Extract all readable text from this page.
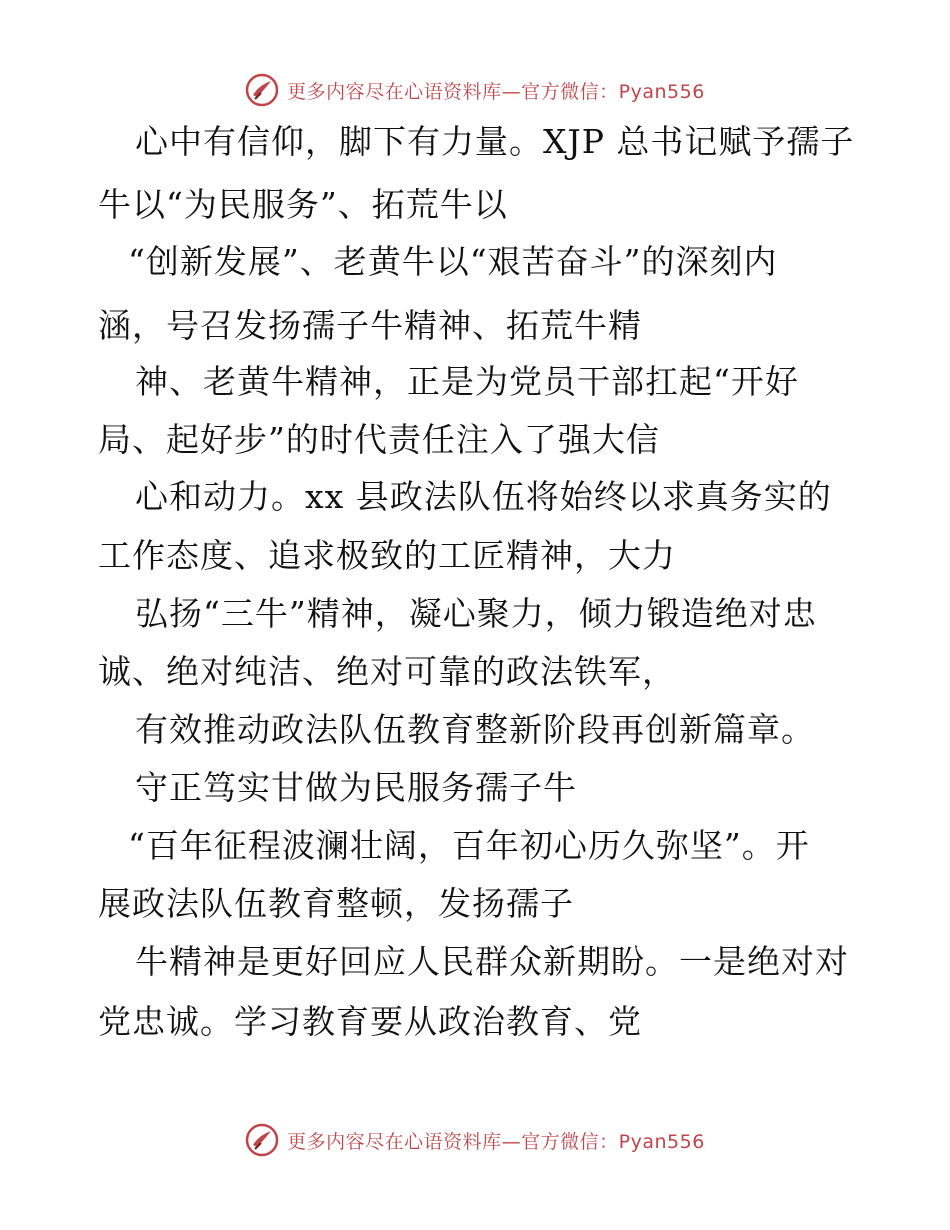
更多内容尽在心语资料库—官方微信：Pyan556
心中有信仰，脚下有力量。XJP 总书记赋予孺子
牛以“为民服务”、拓荒牛以
“创新发展”、老黄牛以“艰苦奋斗”的深刻内
涵，号召发扬孺子牛精神、拓荒牛精
神、老黄牛精神，正是为党员干部扛起“开好
局、起好步”的时代责任注入了强大信
心和动力。xx 县政法队伍将始终以求真务实的
工作态度、追求极致的工匠精神，大力
弘扬“三牛”精神，凝心聚力，倾力锻造绝对忠
诚、绝对纯洁、绝对可靠的政法铁军，
有效推动政法队伍教育整新阶段再创新篇章。
守正笃实甘做为民服务孺子牛
“百年征程波澜壮阔，百年初心历久弥坚”。开
展政法队伍教育整顿，发扬孺子
牛精神是更好回应人民群众新期盼。一是绝对对
党忠诚。学习教育要从政治教育、党
更多内容尽在心语资料库—官方微信：Pyan556
